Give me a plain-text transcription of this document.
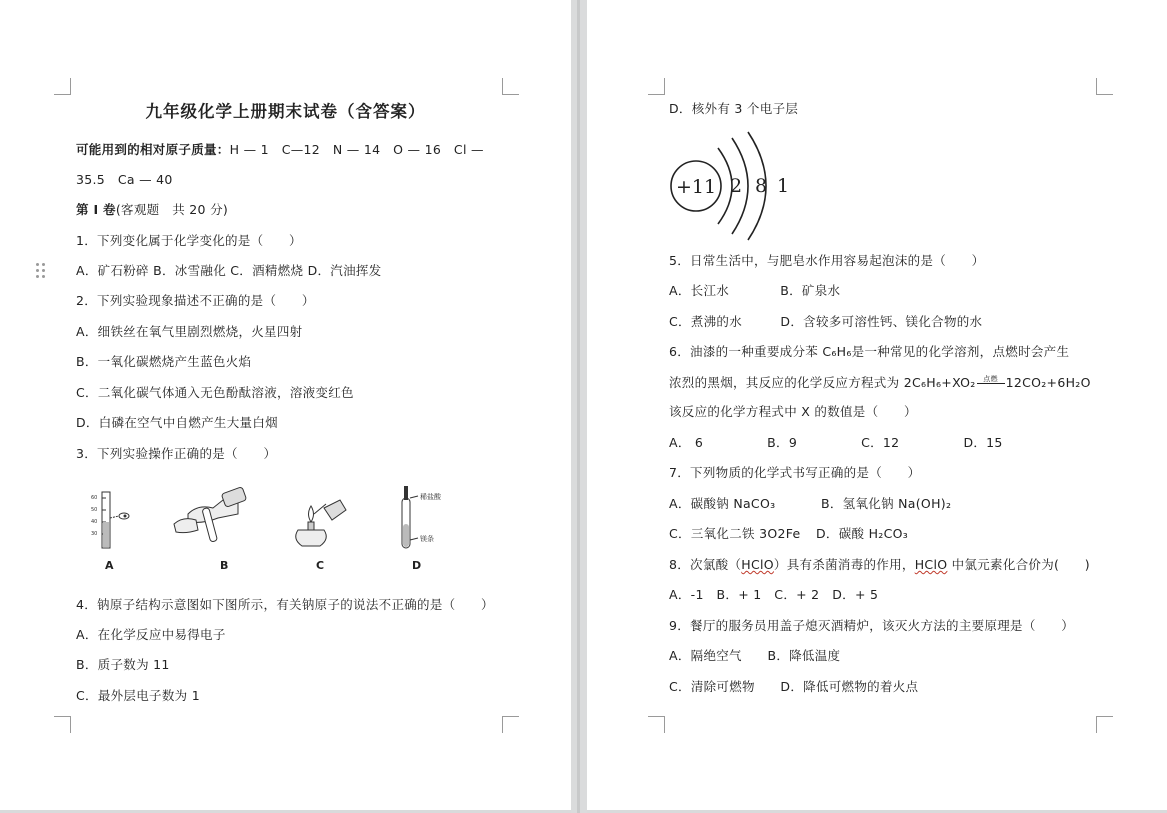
九年级化学上册期末试卷（含答案）
可能用到的相对原子质量：H — 1　C—12　N — 14　O — 16　Cl —
35.5　Ca — 40
第 I 卷(客观题　共 20 分)
1．下列变化属于化学变化的是（　　）
A．矿石粉碎 B．冰雪融化 C．酒精燃烧 D．汽油挥发
2．下列实验现象描述不正确的是（　　）
A．细铁丝在氧气里剧烈燃烧，火星四射
B．一氧化碳燃烧产生蓝色火焰
C．二氧化碳气体通入无色酚酞溶液，溶液变红色
D．白磷在空气中自燃产生大量白烟
3．下列实验操作正确的是（　　）
60
50
40
30
稀盐酸
镁条
A	B	C	D
4．钠原子结构示意图如下图所示，有关钠原子的说法不正确的是（　　）
A．在化学反应中易得电子
B．质子数为 11
C．最外层电子数为 1
D．核外有 3 个电子层
+11 2 8 1
5．日常生活中，与肥皂水作用容易起泡沫的是（　　）
A．长江水　　　　B．矿泉水
C．煮沸的水　　　D．含较多可溶性钙、镁化合物的水
6．油漆的一种重要成分苯 C₆H₆是一种常见的化学溶剂，点燃时会产生
浓烈的黑烟，其反应的化学反应方程式为 2C₆H₆+XO₂	点燃 12CO₂+6H₂O
该反应的化学方程式中 X 的数值是（　　）
A． 6　　　　　B．9　　　　　C．12　　　　　D．15
7．下列物质的化学式书写正确的是（　　）
A．碳酸钠 NaCO₃	B．氢氧化钠 Na(OH)₂
C．三氧化二铁 3O2Fe D．碳酸 H₂CO₃
8．次氯酸（HClO）具有杀菌消毒的作用，HClO 中氯元素化合价为(　　)
A．-1　B．+ 1　C．+ 2　D．+ 5
9．餐厅的服务员用盖子熄灭酒精炉，该灭火方法的主要原理是（　　）
A．隔绝空气　　B．降低温度
C．清除可燃物　　D．降低可燃物的着火点
